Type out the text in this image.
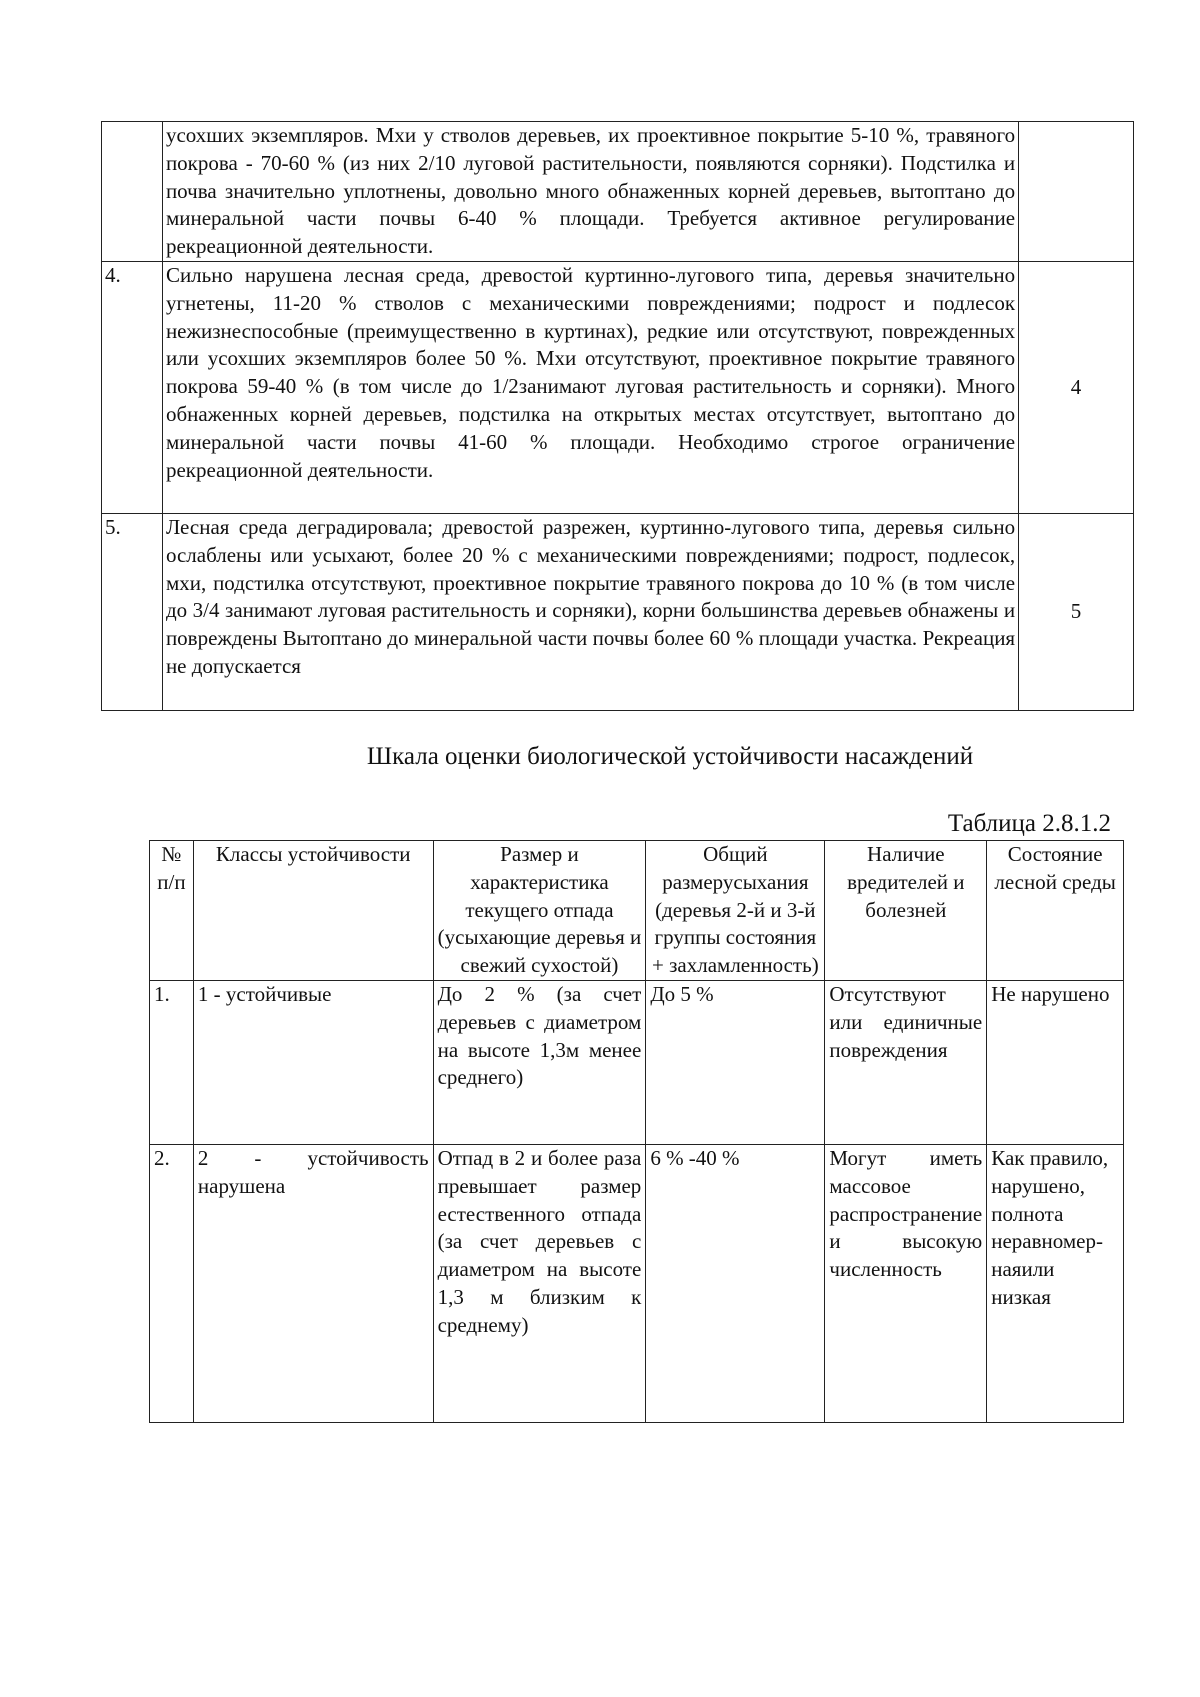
	усохших экземпляров. Мхи у стволов деревьев, их проективное покрытие 5-10 %, травяного покрова - 70-60 % (из них 2/10 луговой растительности, появляются сорняки). Подстилка и почва значительно уплотнены, довольно много обнаженных корней деревьев, вытоптано до минеральной части почвы 6-40 % площади. Требуется активное регулирование рекреационной деятельности.	
4.	Сильно нарушена лесная среда, древостой куртинно-лугового типа, деревья значительно угнетены, 11-20 % стволов с механическими повреждениями; подрост и подлесок нежизнеспособные (преимущественно в куртинах), редкие или отсутствуют, поврежденных или усохших экземпляров более 50 %. Мхи отсутствуют, проективное покрытие травяного покрова 59-40 % (в том числе до 1/2занимают луговая растительность и сорняки). Много обнаженных корней деревьев, подстилка на открытых местах отсутствует, вытоптано до минеральной части почвы 41-60 % площади. Необходимо строгое ограничение рекреационной деятельности.	4
5.	Лесная среда деградировала; древостой разрежен, куртинно-лугового типа, деревья сильно ослаблены или усыхают, более 20 % с механическими повреждениями; подрост, подлесок, мхи, подстилка отсутствуют, проективное покрытие травяного покрова до 10 % (в том числе до 3/4 занимают луговая растительность и сорняки), корни большинства деревьев обнажены и повреждены Вытоптано до минеральной части почвы более 60 % площади участка. Рекреация не допускается	5
Шкала оценки биологической устойчивости насаждений
Таблица 2.8.1.2
№ п/п	Классы устойчивости	Размер и характеристика текущего отпада (усыхающие деревья и свежий сухостой)	Общий размерусыхания (деревья 2-й и 3-й группы состояния + захламленность)	Наличие вредителей и болезней	Состояние лесной среды
1.	1 - устойчивые	До 2 % (за счет деревьев с диаметром на высоте 1,3м менее среднего)	До 5 %	Отсутствуют или единичные повреждения	Не нарушено
2.	2 - устойчивость нарушена	Отпад в 2 и более раза превышает размер естественного отпада (за счет деревьев с диаметром на высоте 1,3 м близким к среднему)	6 % -40 %	Могут иметь массовое распространение и высокую численность	Как правило, нарушено, полнота неравномер-наяили низкая
